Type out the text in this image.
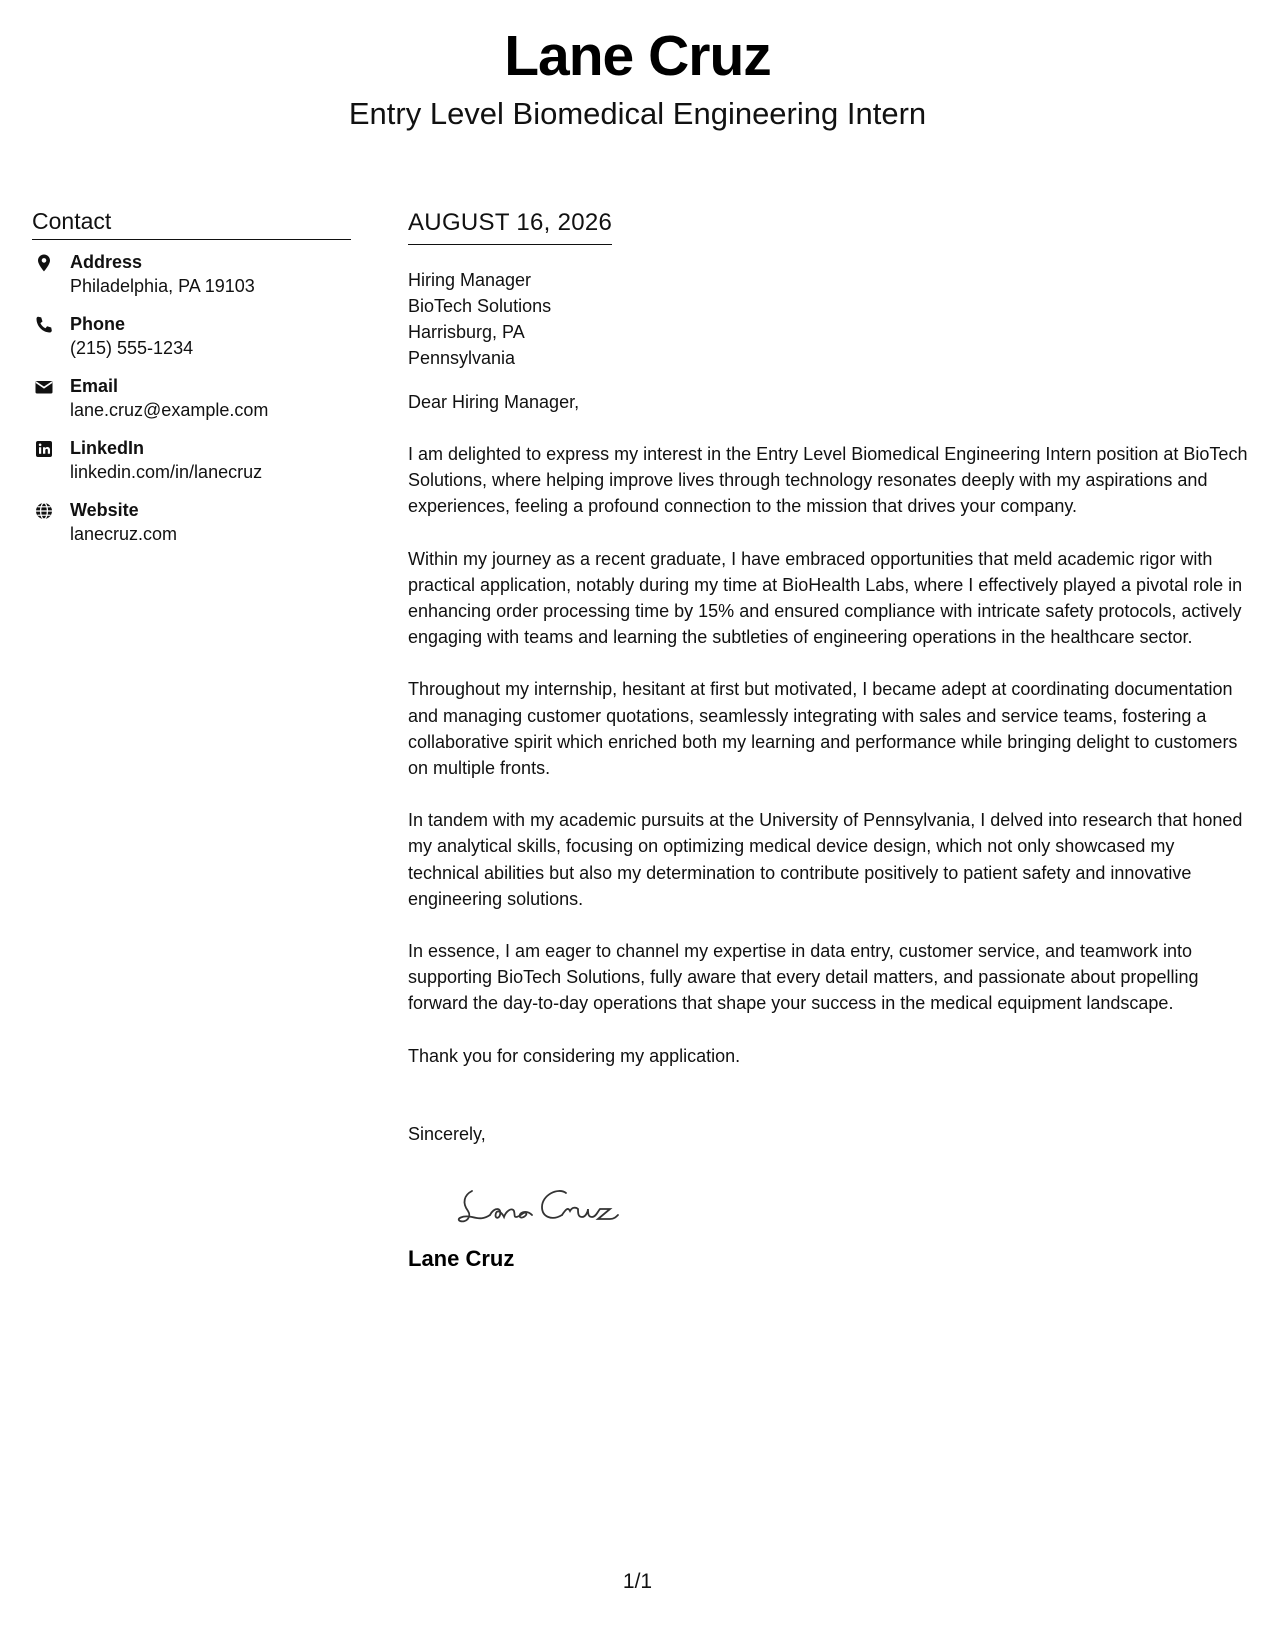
Lane Cruz
Entry Level Biomedical Engineering Intern
Contact
Address
Philadelphia, PA 19103
Phone
(215) 555-1234
Email
lane.cruz@example.com
LinkedIn
linkedin.com/in/lanecruz
Website
lanecruz.com
AUGUST 16, 2026
Hiring Manager
BioTech Solutions
Harrisburg, PA
Pennsylvania
Dear Hiring Manager,

I am delighted to express my interest in the Entry Level Biomedical Engineering Intern position at BioTech Solutions, where helping improve lives through technology resonates deeply with my aspirations and experiences, feeling a profound connection to the mission that drives your company.

Within my journey as a recent graduate, I have embraced opportunities that meld academic rigor with practical application, notably during my time at BioHealth Labs, where I effectively played a pivotal role in enhancing order processing time by 15% and ensured compliance with intricate safety protocols, actively engaging with teams and learning the subtleties of engineering operations in the healthcare sector.

Throughout my internship, hesitant at first but motivated, I became adept at coordinating documentation and managing customer quotations, seamlessly integrating with sales and service teams, fostering a collaborative spirit which enriched both my learning and performance while bringing delight to customers on multiple fronts.

In tandem with my academic pursuits at the University of Pennsylvania, I delved into research that honed my analytical skills, focusing on optimizing medical device design, which not only showcased my technical abilities but also my determination to contribute positively to patient safety and innovative engineering solutions.

In essence, I am eager to channel my expertise in data entry, customer service, and teamwork into supporting BioTech Solutions, fully aware that every detail matters, and passionate about propelling forward the day-to-day operations that shape your success in the medical equipment landscape.

Thank you for considering my application.

Sincerely,
Lane Cruz
1/1
